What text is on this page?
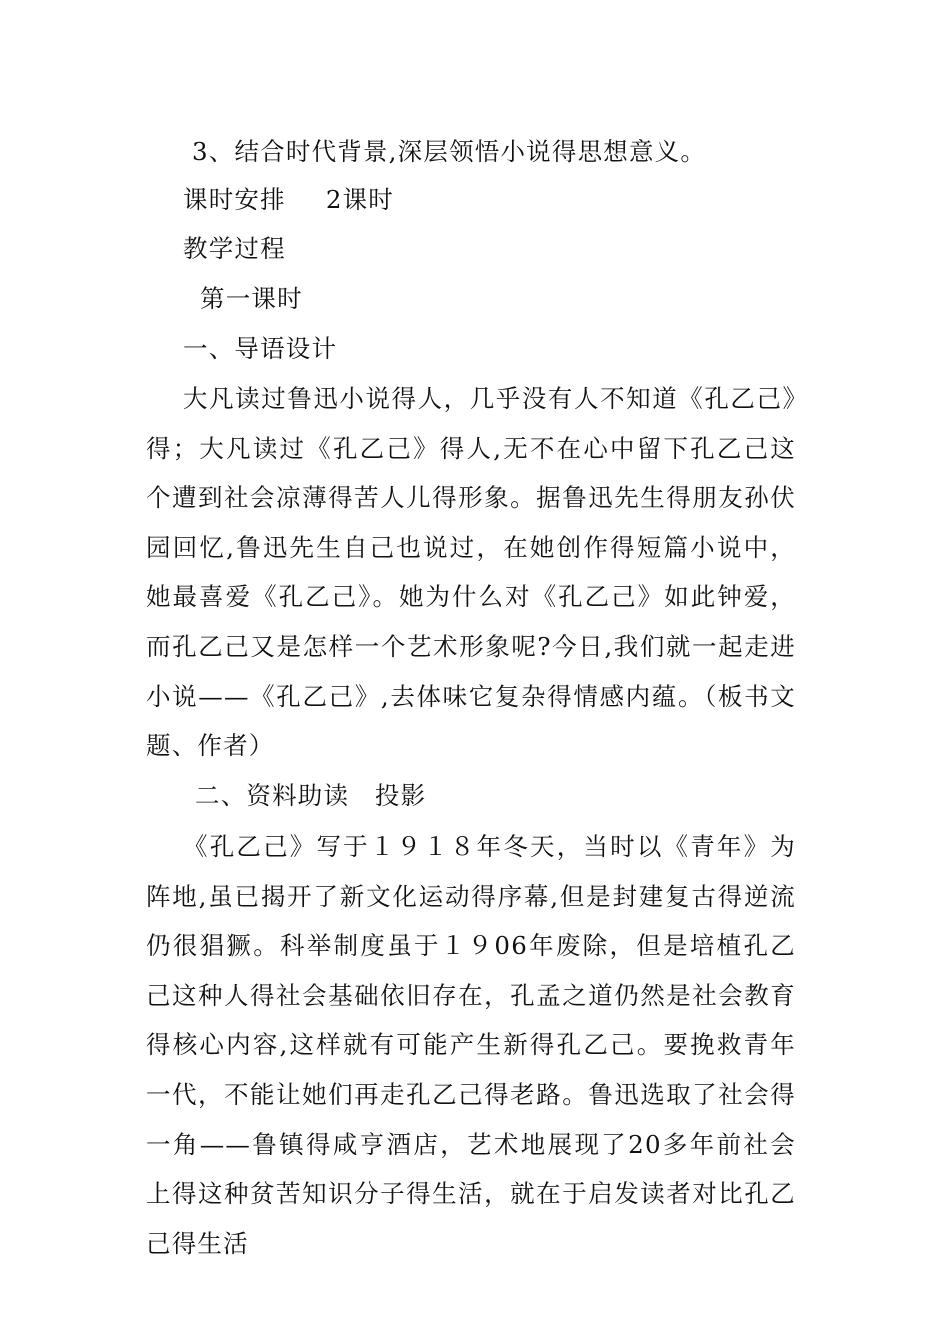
3、结合时代背景,深层领悟小说得思想意义。
课时安排 2课时
教学过程
第一课时
一、导语设计

大凡读过鲁迅小说得人，几乎没有人不知道《孔乙己》得；大凡读过《孔乙己》得人,无不在心中留下孔乙己这个遭到社会凉薄得苦人儿得形象。据鲁迅先生得朋友孙伏园回忆,鲁迅先生自己也说过，在她创作得短篇小说中，她最喜爱《孔乙己》。她为什么对《孔乙己》如此钟爱，而孔乙己又是怎样一个艺术形象呢?今日,我们就一起走进小说——《孔乙己》,去体味它复杂得情感内蕴。（板书文题、作者）

二、资料助读　投影

《孔乙己》写于１９１８年冬天，当时以《青年》为阵地,虽已揭开了新文化运动得序幕,但是封建复古得逆流仍很猖獗。科举制度虽于１９06年废除，但是培植孔乙己这种人得社会基础依旧存在，孔孟之道仍然是社会教育得核心内容,这样就有可能产生新得孔乙己。要挽救青年一代，不能让她们再走孔乙己得老路。鲁迅选取了社会得一角——鲁镇得咸亨酒店，艺术地展现了20多年前社会上得这种贫苦知识分子得生活，就在于启发读者对比孔乙己得生活
